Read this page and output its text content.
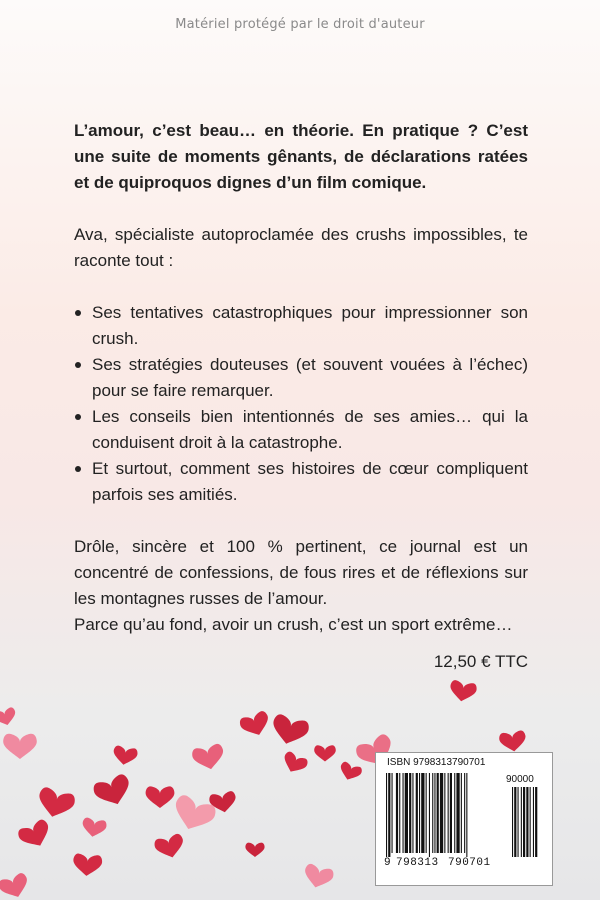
Matériel protégé par le droit d'auteur

L’amour, c’est beau… en théorie. En pratique ? C’est une suite de moments gênants, de déclarations ratées et de quiproquos dignes d’un film comique.

Ava, spécialiste autoproclamée des crushs impossibles, te raconte tout :

Ses tentatives catastrophiques pour impressionner son crush.
Ses stratégies douteuses (et souvent vouées à l’échec) pour se faire remarquer.
Les conseils bien intentionnés de ses amies… qui la conduisent droit à la catastrophe.
Et surtout, comment ses histoires de cœur compliquent parfois ses amitiés.

Drôle, sincère et 100 % pertinent, ce journal est un concentré de confessions, de fous rires et de réflexions sur les montagnes russes de l’amour.

Parce qu’au fond, avoir un crush, c’est un sport extrême…

12,50 € TTC
ISBN 9798313790701
90000
9 798313 790701
